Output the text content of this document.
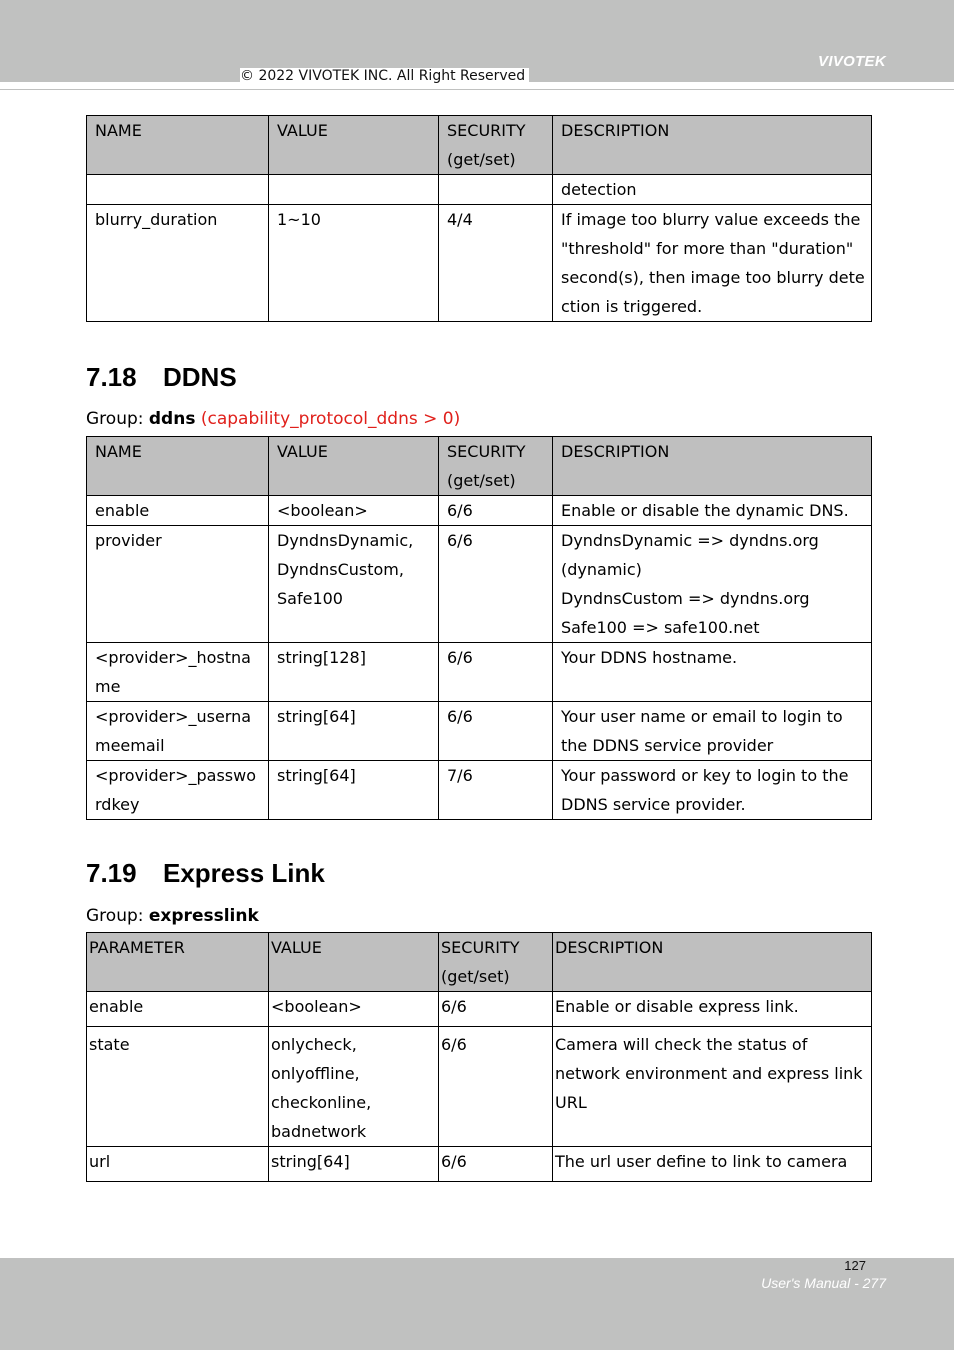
VIVOTEK
© 2022 VIVOTEK INC. All Right Reserved
NAME	VALUE	SECURITY (get/set)	DESCRIPTION
			detection
blurry_duration	1~10	4/4	If image too blurry value exceeds the "threshold" for more than "duration" second(s), then image too blurry detection is triggered.
7.18 DDNS
Group: ddns (capability_protocol_ddns > 0)
NAME	VALUE	SECURITY (get/set)	DESCRIPTION
enable	<boolean>	6/6	Enable or disable the dynamic DNS.
provider	DyndnsDynamic, DyndnsCustom, Safe100	6/6	DyndnsDynamic => dyndns.org (dynamic)
DyndnsCustom => dyndns.org
Safe100 => safe100.net
<provider>_hostname	string[128]	6/6	Your DDNS hostname.
<provider>_usernameemail	string[64]	6/6	Your user name or email to login to the DDNS service provider
<provider>_passwordkey	string[64]	7/6	Your password or key to login to the DDNS service provider.
7.19 Express Link
Group: expresslink
PARAMETER	VALUE	SECURITY (get/set)	DESCRIPTION
enable	<boolean>	6/6	Enable or disable express link.
state	onlycheck, onlyoffline, checkonline, badnetwork	6/6	Camera will check the status of network environment and express link URL
url	string[64]	6/6	The url user define to link to camera
127
User's Manual - 277
